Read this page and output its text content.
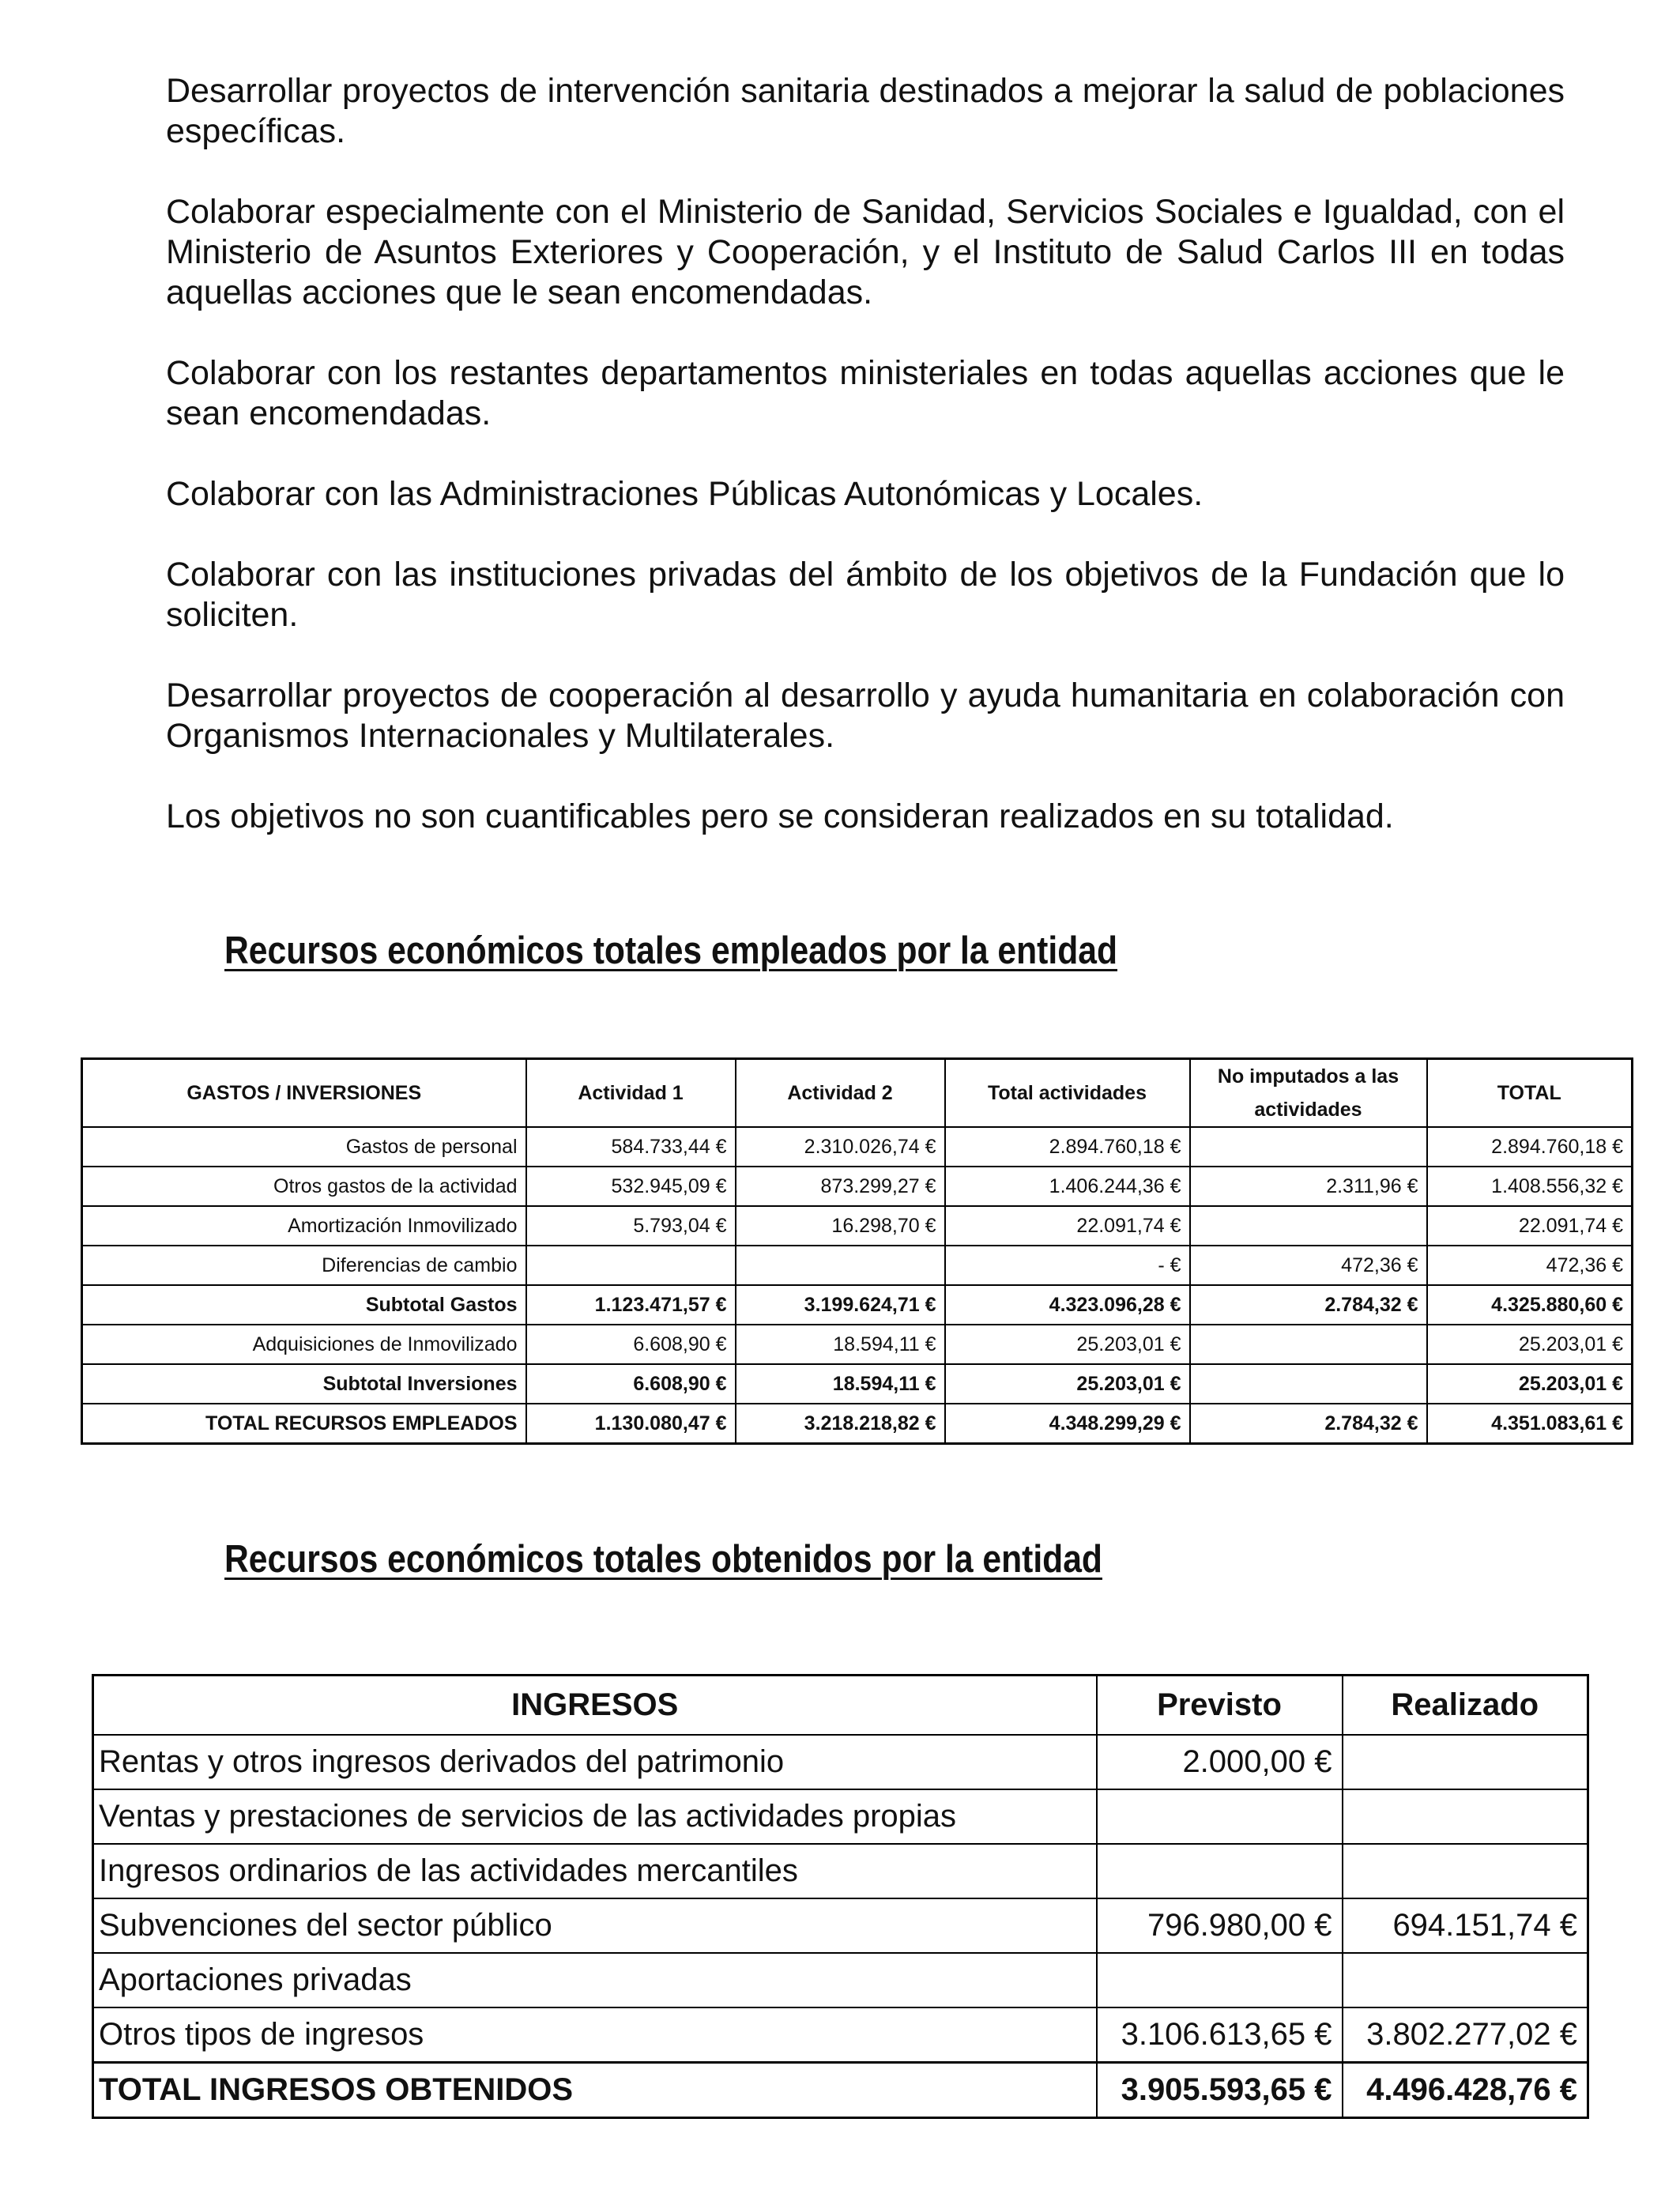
Desarrollar proyectos de intervención sanitaria destinados a mejorar la salud de poblaciones específicas.

Colaborar especialmente con el Ministerio de Sanidad, Servicios Sociales e Igualdad, con el Ministerio de Asuntos Exteriores y Cooperación, y el Instituto de Salud Carlos III en todas aquellas acciones que le sean encomendadas.

Colaborar con los restantes departamentos ministeriales en todas aquellas acciones que le sean encomendadas.

Colaborar con las Administraciones Públicas Autonómicas y Locales.

Colaborar con las instituciones privadas del ámbito de los objetivos de la Fundación que lo soliciten.

Desarrollar proyectos de cooperación al desarrollo y ayuda humanitaria en colaboración con Organismos Internacionales y Multilaterales.

Los objetivos no son cuantificables pero se consideran realizados en su totalidad.

Recursos económicos totales empleados por la entidad
GASTOS / INVERSIONES	Actividad 1	Actividad 2	Total actividades	No imputados a las actividades	TOTAL
Gastos de personal	584.733,44 €	2.310.026,74 €	2.894.760,18 €		2.894.760,18 €
Otros gastos de la actividad	532.945,09 €	873.299,27 €	1.406.244,36 €	2.311,96 €	1.408.556,32 €
Amortización Inmovilizado	5.793,04 €	16.298,70 €	22.091,74 €		22.091,74 €
Diferencias de cambio			- €	472,36 €	472,36 €
Subtotal Gastos	1.123.471,57 €	3.199.624,71 €	4.323.096,28 €	2.784,32 €	4.325.880,60 €
Adquisiciones de Inmovilizado	6.608,90 €	18.594,11 €	25.203,01 €		25.203,01 €
Subtotal Inversiones	6.608,90 €	18.594,11 €	25.203,01 €		25.203,01 €
TOTAL RECURSOS EMPLEADOS	1.130.080,47 €	3.218.218,82 €	4.348.299,29 €	2.784,32 €	4.351.083,61 €
Recursos económicos totales obtenidos por la entidad
INGRESOS	Previsto	Realizado
Rentas y otros ingresos derivados del patrimonio	2.000,00 €	
Ventas y prestaciones de servicios de las actividades propias		
Ingresos ordinarios de las actividades mercantiles		
Subvenciones del sector público	796.980,00 €	694.151,74 €
Aportaciones privadas		
Otros tipos de ingresos	3.106.613,65 €	3.802.277,02 €
TOTAL INGRESOS OBTENIDOS	3.905.593,65 €	4.496.428,76 €
